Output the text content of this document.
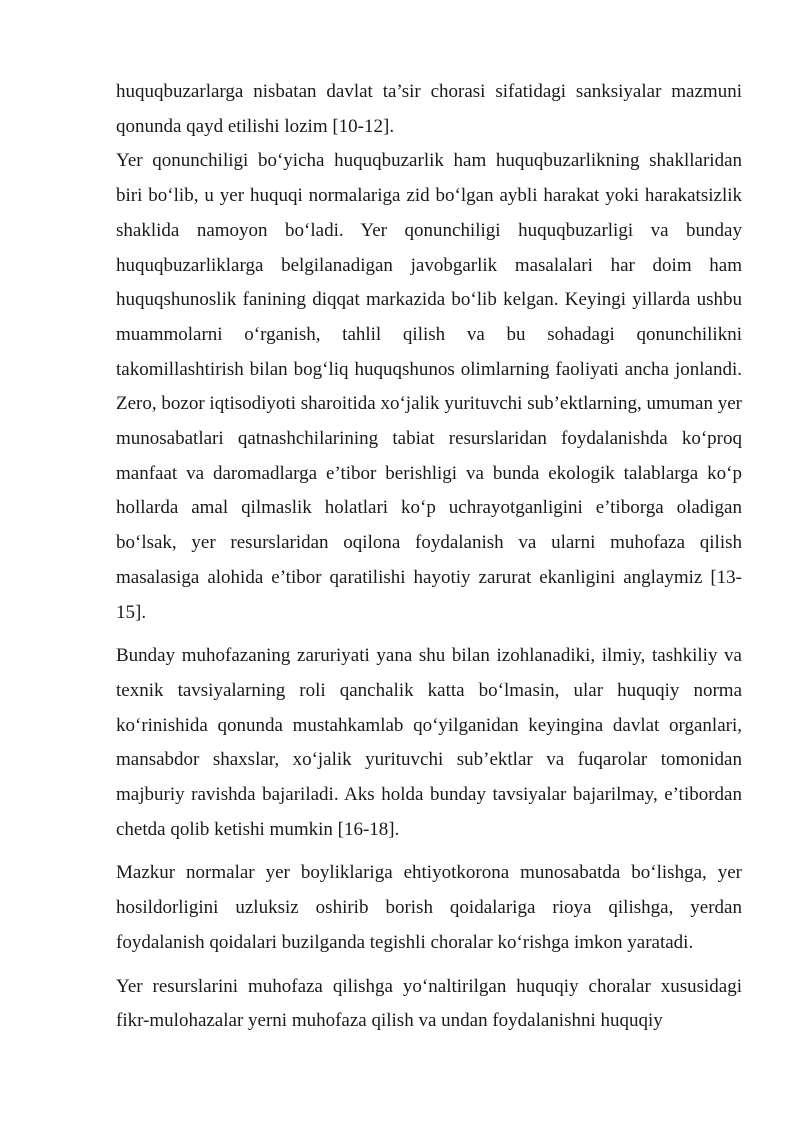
huquqbuzarlarga nisbatan davlat ta’sir chorasi sifatidagi sanksiyalar mazmuni qonunda qayd etilishi lozim [10-12].

Yer qonunchiligi bo‘yicha huquqbuzarlik ham huquqbuzarlikning shakllaridan biri bo‘lib, u yer huquqi normalariga zid bo‘lgan aybli harakat yoki harakatsizlik shaklida namoyon bo‘ladi. Yer qonunchiligi huquqbuzarligi va bunday huquqbuzarliklarga belgilanadigan javobgarlik masalalari har doim ham huquqshunoslik fanining diqqat markazida bo‘lib kelgan. Keyingi yillarda ushbu muammolarni o‘rganish, tahlil qilish va bu sohadagi qonunchilikni takomillashtirish bilan bog‘liq huquqshunos olimlarning faoliyati ancha jonlandi. Zero, bozor iqtisodiyoti sharoitida xo‘jalik yurituvchi sub’ektlarning, umuman yer munosabatlari qatnashchilarining tabiat resurslaridan foydalanishda ko‘proq manfaat va daromadlarga e’tibor berishligi va bunda ekologik talablarga ko‘p hollarda amal qilmaslik holatlari ko‘p uchrayotganligini e’tiborga oladigan bo‘lsak, yer resurslaridan oqilona foydalanish va ularni muhofaza qilish masalasiga alohida e’tibor qaratilishi hayotiy zarurat ekanligini anglaymiz [13-15].

Bunday muhofazaning zaruriyati yana shu bilan izohlanadiki, ilmiy, tashkiliy va texnik tavsiyalarning roli qanchalik katta bo‘lmasin, ular huquqiy norma ko‘rinishida qonunda mustahkamlab qo‘yilganidan keyingina davlat organlari, mansabdor shaxslar, xo‘jalik yurituvchi sub’ektlar va fuqarolar tomonidan majburiy ravishda bajariladi. Aks holda bunday tavsiyalar bajarilmay, e’tibordan chetda qolib ketishi mumkin [16-18].

Mazkur normalar yer boyliklariga ehtiyotkorona munosabatda bo‘lishga, yer hosildorligini uzluksiz oshirib borish qoidalariga rioya qilishga, yerdan foydalanish qoidalari buzilganda tegishli choralar ko‘rishga imkon yaratadi.

Yer resurslarini muhofaza qilishga yo‘naltirilgan huquqiy choralar xususidagi fikr-mulohazalar yerni muhofaza qilish va undan foydalanishni huquqiy
